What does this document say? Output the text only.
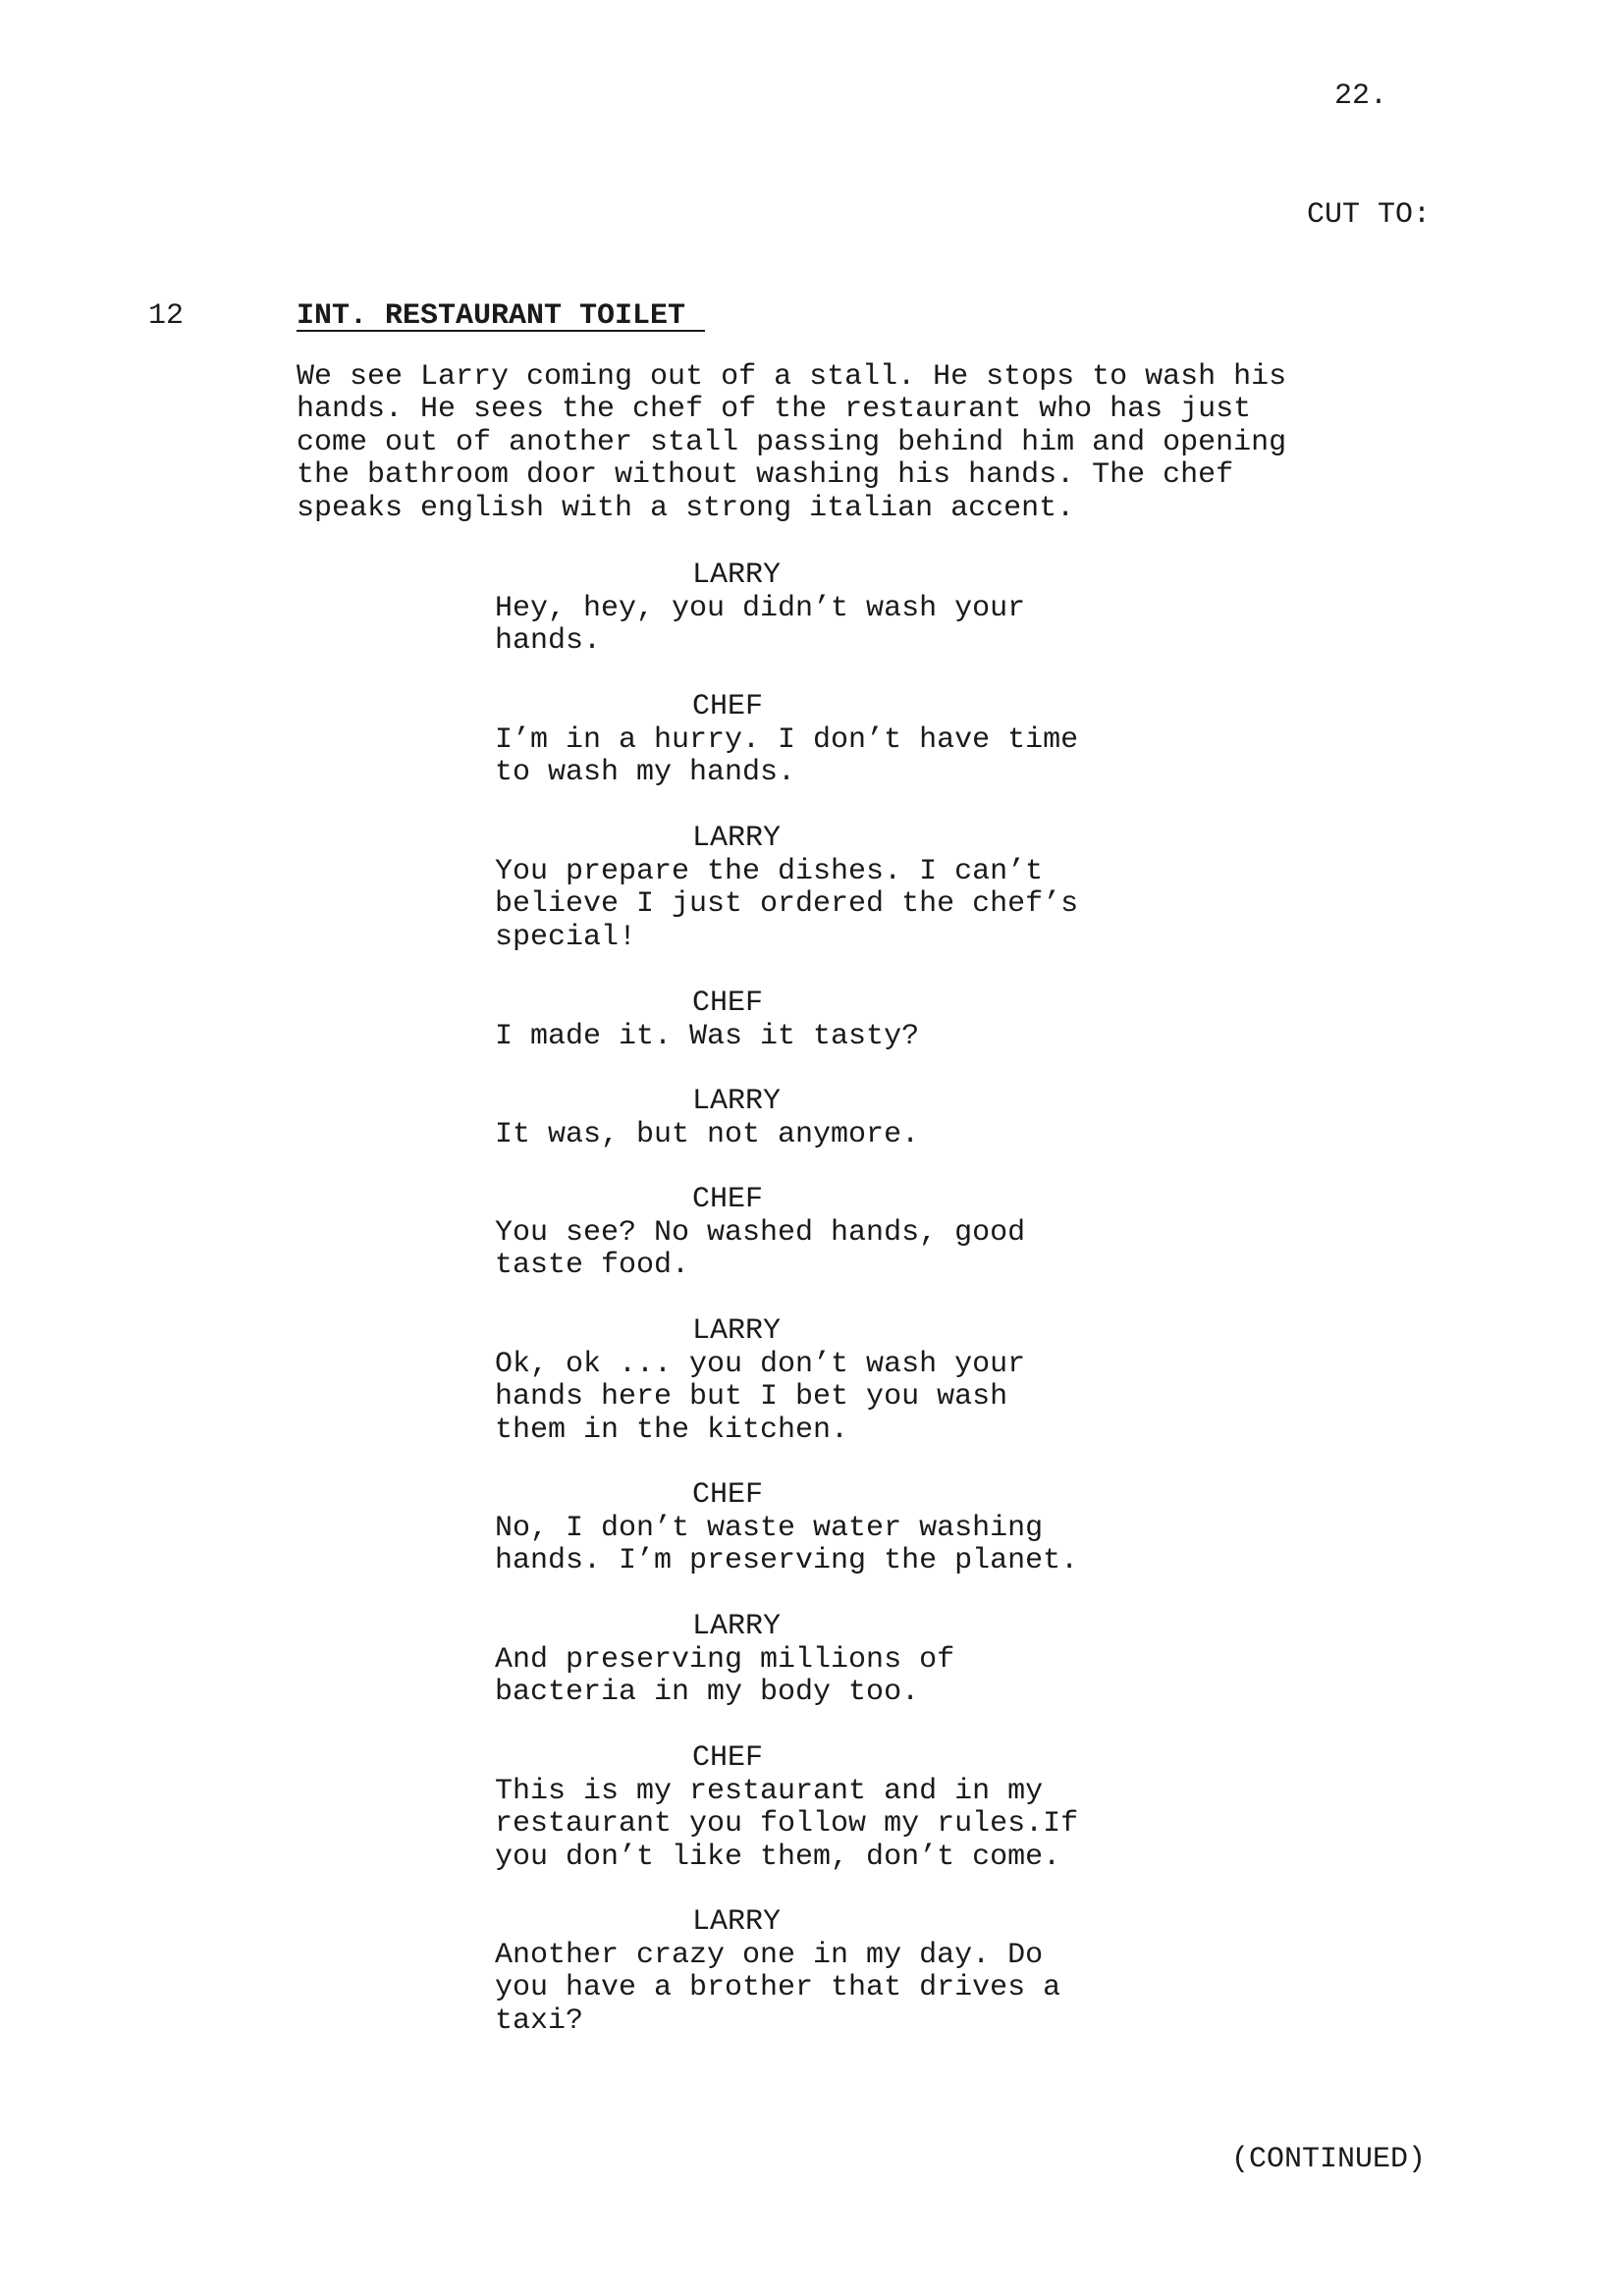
22.
CUT TO:
12	INT. RESTAURANT TOILET
We see Larry coming out of a stall. He stops to wash his
hands. He sees the chef of the restaurant who has just
come out of another stall passing behind him and opening
the bathroom door without washing his hands. The chef
speaks english with a strong italian accent.
LARRY
Hey, hey, you didn’t wash your
hands.
CHEF
I’m in a hurry. I don’t have time
to wash my hands.
LARRY
You prepare the dishes. I can’t
believe I just ordered the chef’s
special!
CHEF
I made it. Was it tasty?
LARRY
It was, but not anymore.
CHEF
You see? No washed hands, good
taste food.
LARRY
Ok, ok ... you don’t wash your
hands here but I bet you wash
them in the kitchen.
CHEF
No, I don’t waste water washing
hands. I’m preserving the planet.
LARRY
And preserving millions of
bacteria in my body too.
CHEF
This is my restaurant and in my
restaurant you follow my rules.If
you don’t like them, don’t come.
LARRY
Another crazy one in my day. Do
you have a brother that drives a
taxi?
(CONTINUED)
